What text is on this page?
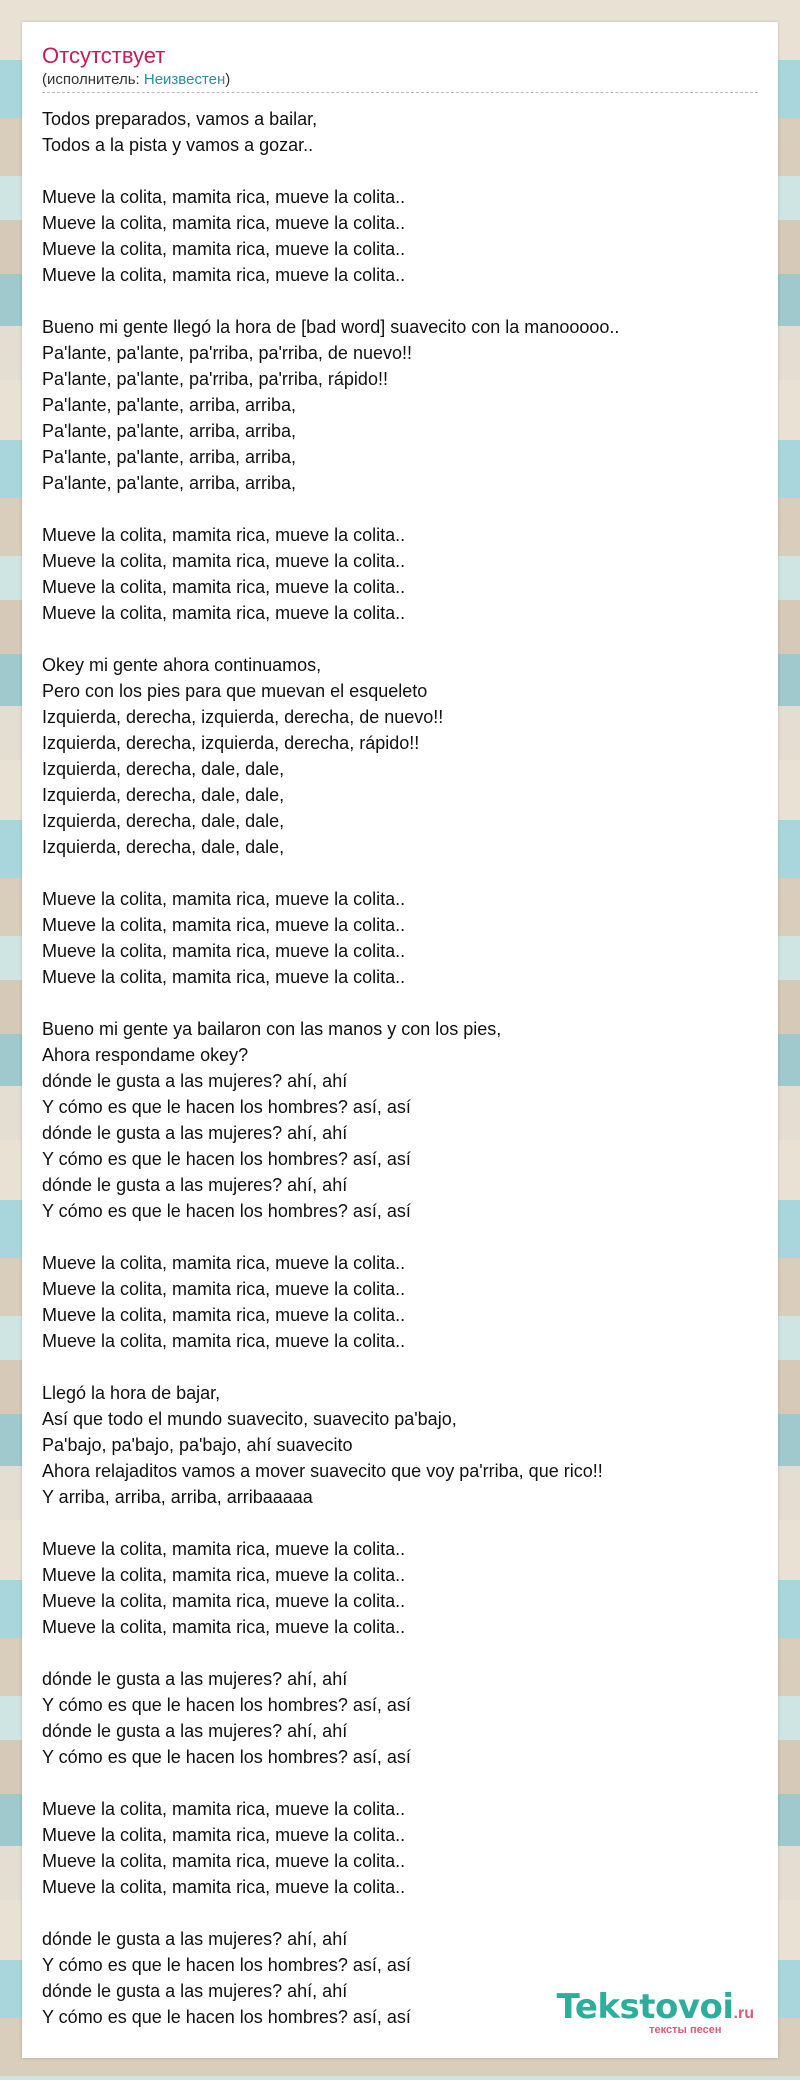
Отсутствует
(исполнитель: Неизвестен)
Todos preparados, vamos a bailar,
Todos a la pista y vamos a gozar..
Mueve la colita, mamita rica, mueve la colita..
Mueve la colita, mamita rica, mueve la colita..
Mueve la colita, mamita rica, mueve la colita..
Mueve la colita, mamita rica, mueve la colita..
Bueno mi gente llegó la hora de [bad word] suavecito con la manooooo..
Pa'lante, pa'lante, pa'rriba, pa'rriba, de nuevo!!
Pa'lante, pa'lante, pa'rriba, pa'rriba, rápido!!
Pa'lante, pa'lante, arriba, arriba,
Pa'lante, pa'lante, arriba, arriba,
Pa'lante, pa'lante, arriba, arriba,
Pa'lante, pa'lante, arriba, arriba,
Mueve la colita, mamita rica, mueve la colita..
Mueve la colita, mamita rica, mueve la colita..
Mueve la colita, mamita rica, mueve la colita..
Mueve la colita, mamita rica, mueve la colita..
Okey mi gente ahora continuamos,
Pero con los pies para que muevan el esqueleto
Izquierda, derecha, izquierda, derecha, de nuevo!!
Izquierda, derecha, izquierda, derecha, rápido!!
Izquierda, derecha, dale, dale,
Izquierda, derecha, dale, dale,
Izquierda, derecha, dale, dale,
Izquierda, derecha, dale, dale,
Mueve la colita, mamita rica, mueve la colita..
Mueve la colita, mamita rica, mueve la colita..
Mueve la colita, mamita rica, mueve la colita..
Mueve la colita, mamita rica, mueve la colita..
Bueno mi gente ya bailaron con las manos y con los pies,
Ahora respondame okey?
dónde le gusta a las mujeres? ahí, ahí
Y cómo es que le hacen los hombres? así, así
dónde le gusta a las mujeres? ahí, ahí
Y cómo es que le hacen los hombres? así, así
dónde le gusta a las mujeres? ahí, ahí
Y cómo es que le hacen los hombres? así, así
Mueve la colita, mamita rica, mueve la colita..
Mueve la colita, mamita rica, mueve la colita..
Mueve la colita, mamita rica, mueve la colita..
Mueve la colita, mamita rica, mueve la colita..
Llegó la hora de bajar,
Así que todo el mundo suavecito, suavecito pa'bajo,
Pa'bajo, pa'bajo, pa'bajo, ahí suavecito
Ahora relajaditos vamos a mover suavecito que voy pa'rriba, que rico!!
Y arriba, arriba, arriba, arribaaaaa
Mueve la colita, mamita rica, mueve la colita..
Mueve la colita, mamita rica, mueve la colita..
Mueve la colita, mamita rica, mueve la colita..
Mueve la colita, mamita rica, mueve la colita..
dónde le gusta a las mujeres? ahí, ahí
Y cómo es que le hacen los hombres? así, así
dónde le gusta a las mujeres? ahí, ahí
Y cómo es que le hacen los hombres? así, así
Mueve la colita, mamita rica, mueve la colita..
Mueve la colita, mamita rica, mueve la colita..
Mueve la colita, mamita rica, mueve la colita..
Mueve la colita, mamita rica, mueve la colita..
dónde le gusta a las mujeres? ahí, ahí
Y cómo es que le hacen los hombres? así, así
dónde le gusta a las mujeres? ahí, ahí
Y cómo es que le hacen los hombres? así, así	Tekstovoi.ru
тексты песен
